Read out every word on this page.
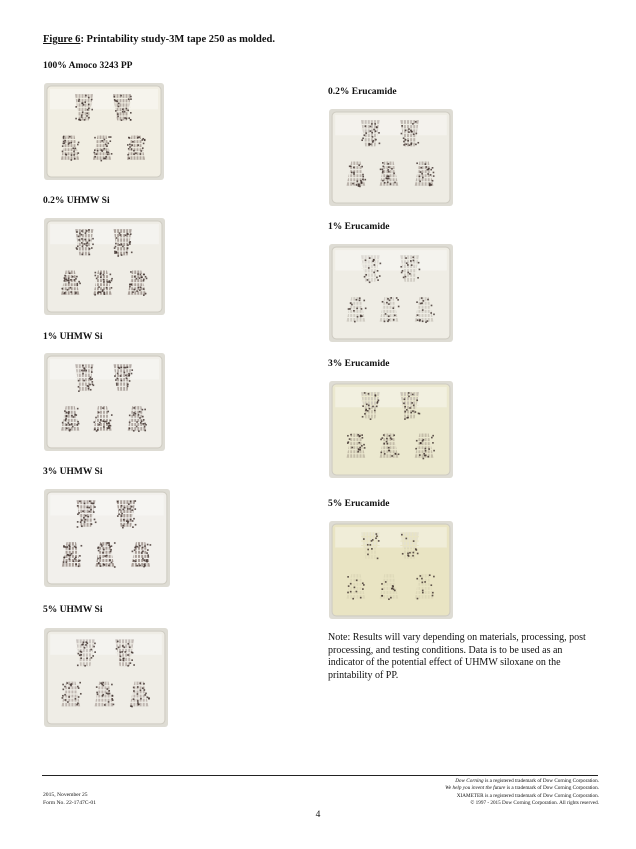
Figure 6: Printability study-3M tape 250 as molded.
100% Amoco 3243 PP
0.2% UHMW Si
1% UHMW Si
3% UHMW Si
5% UHMW Si
0.2% Erucamide
1% Erucamide
3% Erucamide
5% Erucamide
Note: Results will vary depending on materials, processing, post processing, and testing conditions. Data is to be used as an indicator of the potential effect of UHMW siloxane on the printability of PP.
2015, November 25
Form No. 22-1747C-01
Dow Corning is a registered trademark of Dow Corning Corporation.
We help you invent the future is a trademark of Dow Corning Corporation.
XIAMETER is a registered trademark of Dow Corning Corporation.
© 1997 - 2015 Dow Corning Corporation. All rights reserved.
4
